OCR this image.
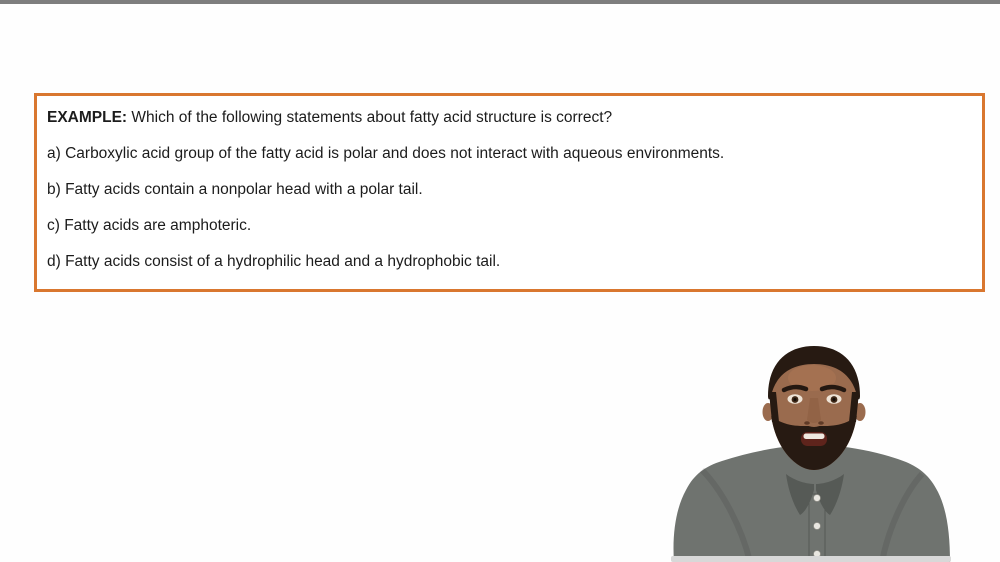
EXAMPLE: Which of the following statements about fatty acid structure is correct?
a) Carboxylic acid group of the fatty acid is polar and does not interact with aqueous environments.
b) Fatty acids contain a nonpolar head with a polar tail.
c) Fatty acids are amphoteric.
d) Fatty acids consist of a hydrophilic head and a hydrophobic tail.
